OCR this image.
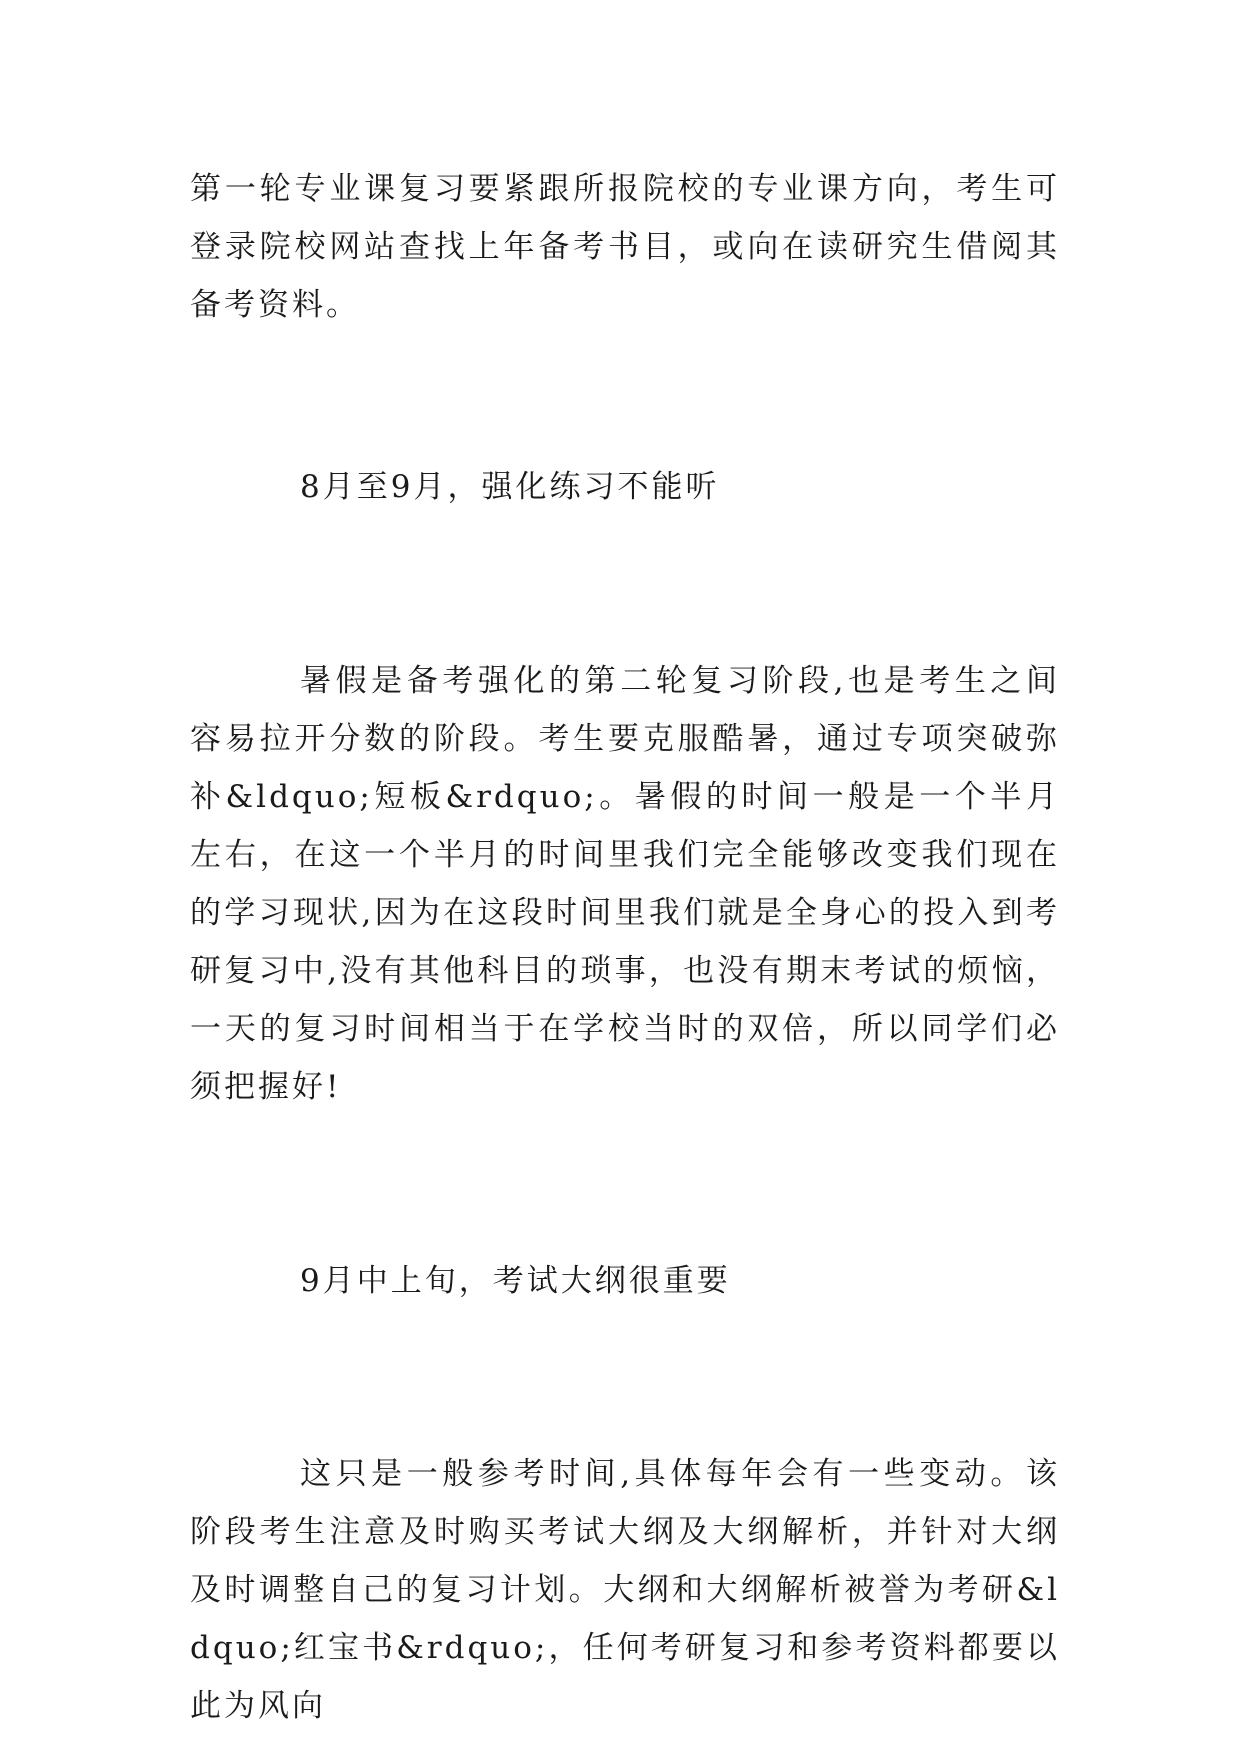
第一轮专业课复习要紧跟所报院校的专业课方向，考生可登录院校网站查找上年备考书目，或向在读研究生借阅其备考资料。

8月至9月，强化练习不能听

暑假是备考强化的第二轮复习阶段,也是考生之间容易拉开分数的阶段。考生要克服酷暑，通过专项突破弥补&ldquo;短板&rdquo;。暑假的时间一般是一个半月左右，在这一个半月的时间里我们完全能够改变我们现在的学习现状,因为在这段时间里我们就是全身心的投入到考研复习中,没有其他科目的琐事，也没有期末考试的烦恼，一天的复习时间相当于在学校当时的双倍，所以同学们必须把握好!

9月中上旬，考试大纲很重要

这只是一般参考时间,具体每年会有一些变动。该阶段考生注意及时购买考试大纲及大纲解析，并针对大纲及时调整自己的复习计划。大纲和大纲解析被誉为考研&ldquo;红宝书&rdquo;，任何考研复习和参考资料都要以此为风向
